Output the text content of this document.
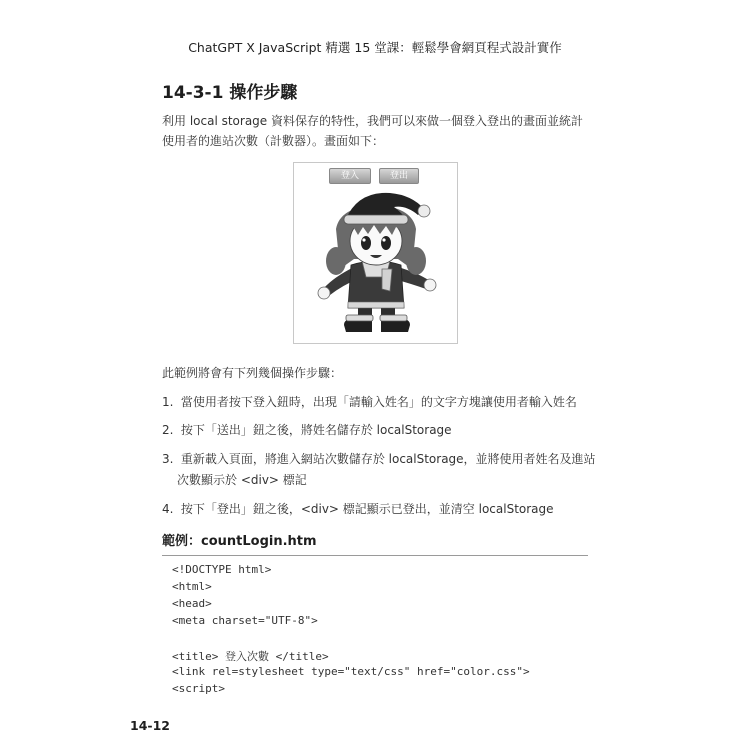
ChatGPT X JavaScript 精選 15 堂課：輕鬆學會網頁程式設計實作
14-3-1 操作步驟
利用 local storage 資料保存的特性，我們可以來做一個登入登出的畫面並統計
使用者的進站次數（計數器）。畫面如下：
登入	登出
此範例將會有下列幾個操作步驟：
1. 當使用者按下登入鈕時，出現「請輸入姓名」的文字方塊讓使用者輸入姓名
2. 按下「送出」鈕之後，將姓名儲存於 localStorage
3. 重新載入頁面，將進入網站次數儲存於 localStorage，並將使用者姓名及進站
次數顯示於 <div> 標記
4. 按下「登出」鈕之後，<div> 標記顯示已登出，並清空 localStorage
範例：countLogin.htm
<!DOCTYPE html>
<html>
<head>
<meta charset="UTF-8">
<title> 登入次數 </title>
<link rel=stylesheet type="text/css" href="color.css">
<script>
14-12
